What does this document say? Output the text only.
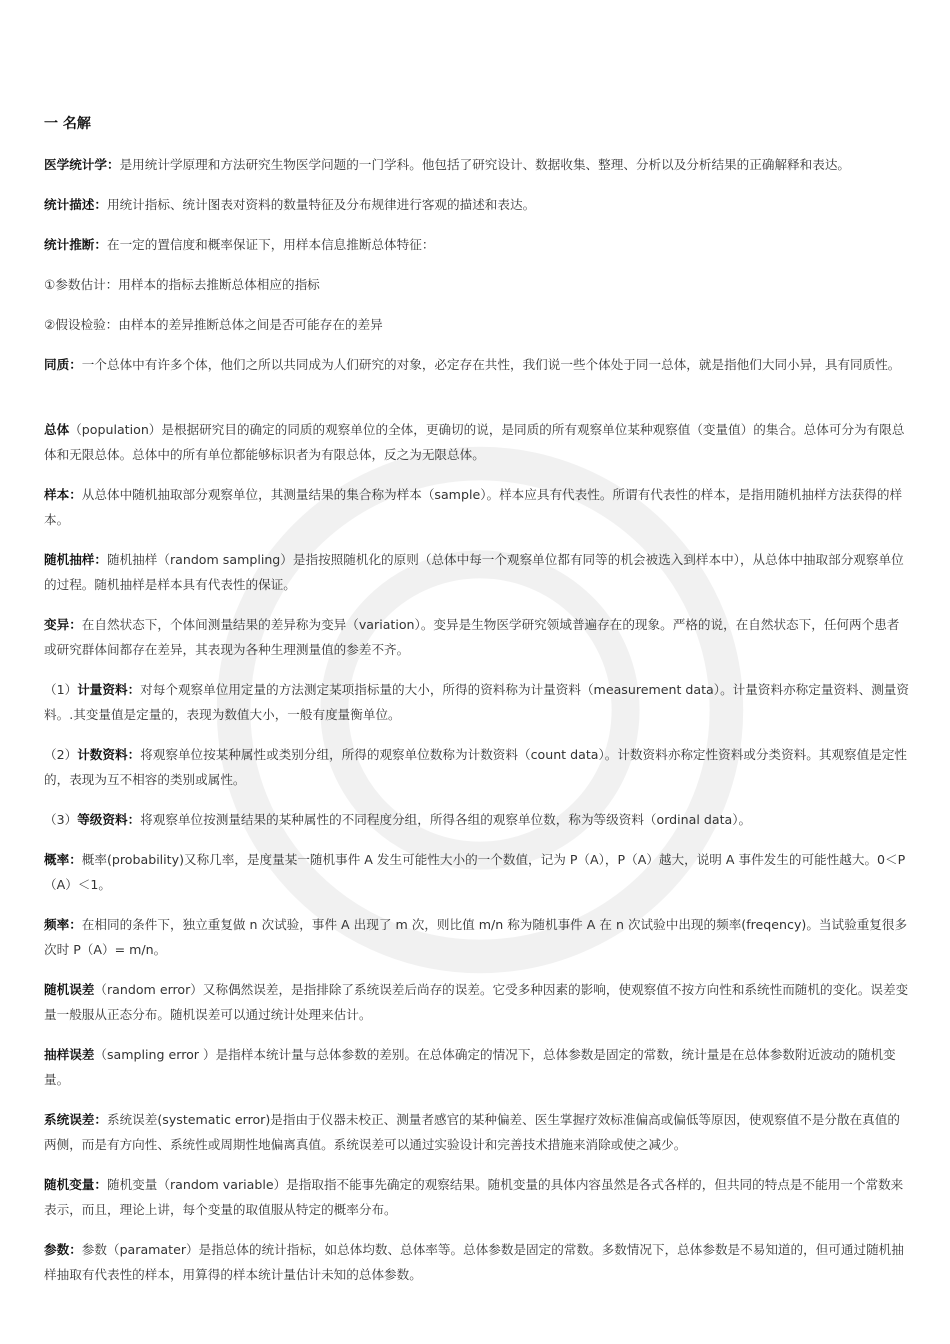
一 名解
医学统计学：是用统计学原理和方法研究生物医学问题的一门学科。他包括了研究设计、数据收集、整理、分析以及分析结果的正确解释和表达。
统计描述：用统计指标、统计图表对资料的数量特征及分布规律进行客观的描述和表达。
统计推断：在一定的置信度和概率保证下，用样本信息推断总体特征：
①参数估计：用样本的指标去推断总体相应的指标
②假设检验：由样本的差异推断总体之间是否可能存在的差异
同质：一个总体中有许多个体，他们之所以共同成为人们研究的对象，必定存在共性，我们说一些个体处于同一总体，就是指他们大同小异，具有同质性。
总体（population）是根据研究目的确定的同质的观察单位的全体，更确切的说，是同质的所有观察单位某种观察值（变量值）的集合。总体可分为有限总体和无限总体。总体中的所有单位都能够标识者为有限总体，反之为无限总体。
样本：从总体中随机抽取部分观察单位，其测量结果的集合称为样本（sample）。样本应具有代表性。所谓有代表性的样本，是指用随机抽样方法获得的样本。
随机抽样：随机抽样（random sampling）是指按照随机化的原则（总体中每一个观察单位都有同等的机会被选入到样本中），从总体中抽取部分观察单位的过程。随机抽样是样本具有代表性的保证。
变异：在自然状态下，个体间测量结果的差异称为变异（variation）。变异是生物医学研究领域普遍存在的现象。严格的说，在自然状态下，任何两个患者或研究群体间都存在差异，其表现为各种生理测量值的参差不齐。
（1）计量资料：对每个观察单位用定量的方法测定某项指标量的大小，所得的资料称为计量资料（measurement data）。计量资料亦称定量资料、测量资料。.其变量值是定量的，表现为数值大小，一般有度量衡单位。
（2）计数资料：将观察单位按某种属性或类别分组，所得的观察单位数称为计数资料（count data）。计数资料亦称定性资料或分类资料。其观察值是定性的，表现为互不相容的类别或属性。
（3）等级资料：将观察单位按测量结果的某种属性的不同程度分组，所得各组的观察单位数，称为等级资料（ordinal data）。
概率：概率(probability)又称几率，是度量某一随机事件 A 发生可能性大小的一个数值，记为 P（A），P（A）越大，说明 A 事件发生的可能性越大。0＜P（A）＜1。
频率：在相同的条件下，独立重复做 n 次试验，事件 A 出现了 m 次，则比值 m/n 称为随机事件 A 在 n 次试验中出现的频率(freqency)。当试验重复很多次时 P（A）= m/n。
随机误差（random error）又称偶然误差，是指排除了系统误差后尚存的误差。它受多种因素的影响，使观察值不按方向性和系统性而随机的变化。误差变量一般服从正态分布。随机误差可以通过统计处理来估计。
抽样误差（sampling error ）是指样本统计量与总体参数的差别。在总体确定的情况下，总体参数是固定的常数，统计量是在总体参数附近波动的随机变量。
系统误差：系统误差(systematic error)是指由于仪器未校正、测量者感官的某种偏差、医生掌握疗效标准偏高或偏低等原因，使观察值不是分散在真值的两侧，而是有方向性、系统性或周期性地偏离真值。系统误差可以通过实验设计和完善技术措施来消除或使之减少。
随机变量：随机变量（random variable）是指取指不能事先确定的观察结果。随机变量的具体内容虽然是各式各样的，但共同的特点是不能用一个常数来表示，而且，理论上讲，每个变量的取值服从特定的概率分布。
参数：参数（paramater）是指总体的统计指标，如总体均数、总体率等。总体参数是固定的常数。多数情况下，总体参数是不易知道的，但可通过随机抽样抽取有代表性的样本，用算得的样本统计量估计未知的总体参数。
